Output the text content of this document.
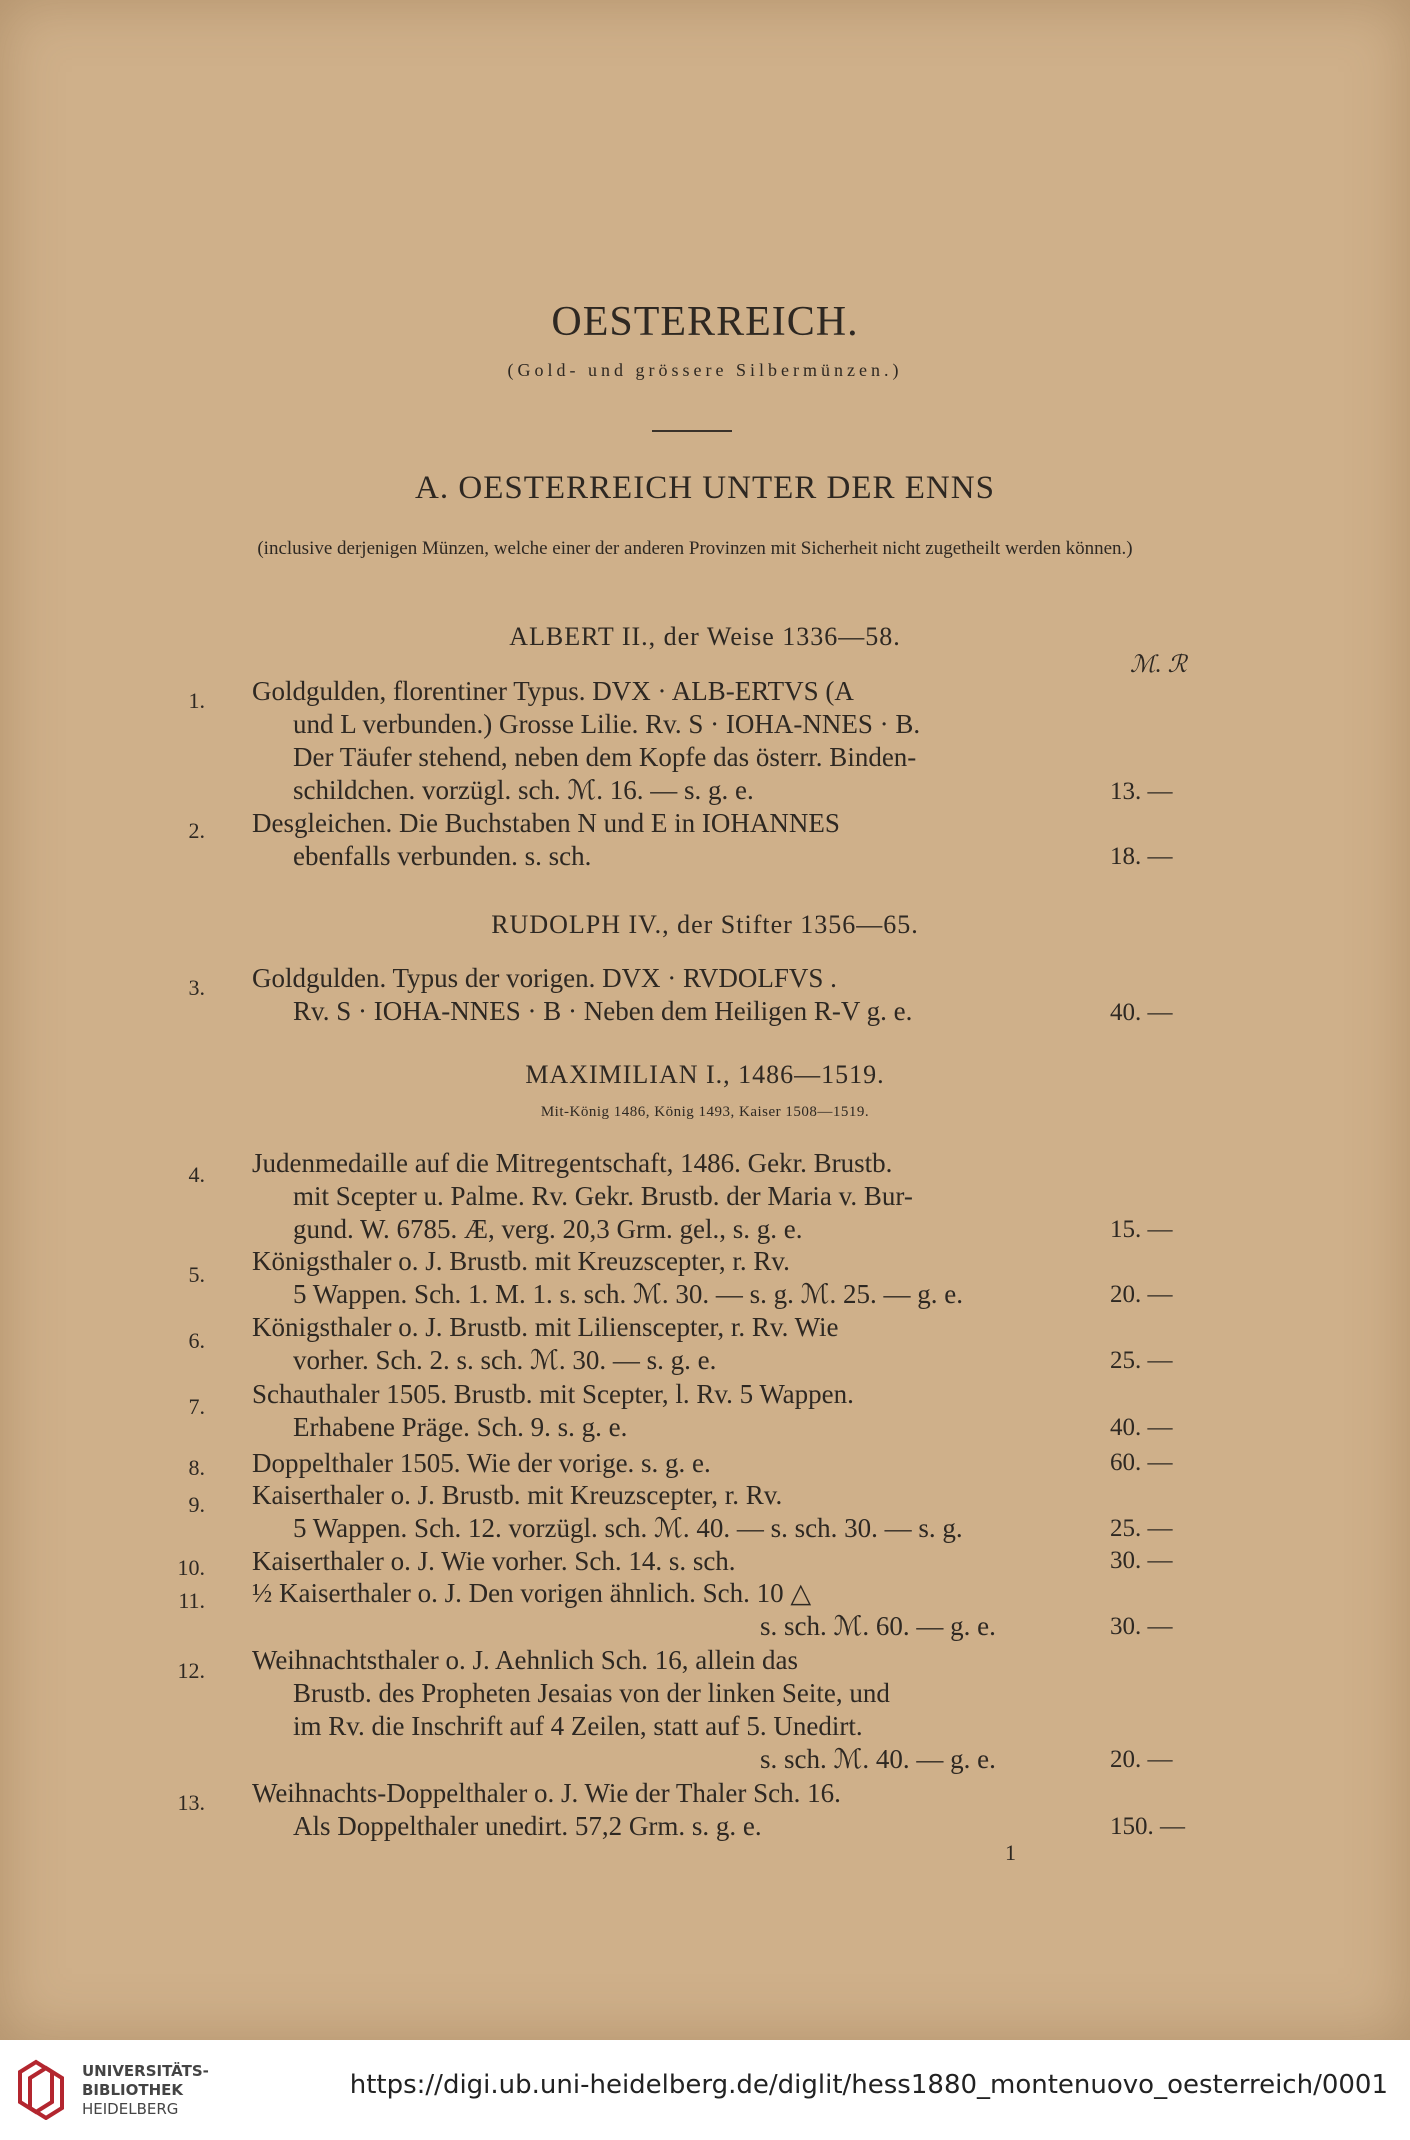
OESTERREICH.
(Gold- und grössere Silbermünzen.)
A. OESTERREICH UNTER DER ENNS
(inclusive derjenigen Münzen, welche einer der anderen Provinzen mit Sicherheit nicht zugetheilt werden können.)
ℳ. ℛ
ALBERT II., der Weise 1336—58.
1. Goldgulden, florentiner Typus. DVX · ALB-ERTVS (A
und L verbunden.) Grosse Lilie. Rv. S · IOHA-NNES · B.
Der Täufer stehend, neben dem Kopfe das österr. Binden-
schildchen. vorzügl. sch. ℳ. 16. — s. g. e.	13. —
2. Desgleichen. Die Buchstaben N und E in IOHANNES
ebenfalls verbunden. s. sch.	18. —
RUDOLPH IV., der Stifter 1356—65.
3. Goldgulden. Typus der vorigen. DVX · RVDOLFVS .
Rv. S · IOHA-NNES · B · Neben dem Heiligen R-V g. e.	40. —
MAXIMILIAN I., 1486—1519.
Mit-König 1486, König 1493, Kaiser 1508—1519.
4. Judenmedaille auf die Mitregentschaft, 1486. Gekr. Brustb.
mit Scepter u. Palme. Rv. Gekr. Brustb. der Maria v. Bur-
gund. W. 6785. Æ, verg. 20,3 Grm. gel., s. g. e.	15. —
5. Königsthaler o. J. Brustb. mit Kreuzscepter, r. Rv.
5 Wappen. Sch. 1. M. 1. s. sch. ℳ. 30. — s. g. ℳ. 25. — g. e.	20. —
6. Königsthaler o. J. Brustb. mit Lilienscepter, r. Rv. Wie
vorher. Sch. 2. s. sch. ℳ. 30. — s. g. e.	25. —
7. Schauthaler 1505. Brustb. mit Scepter, l. Rv. 5 Wappen.
Erhabene Präge. Sch. 9. s. g. e.	40. —
8. Doppelthaler 1505. Wie der vorige. s. g. e.	60. —
9. Kaiserthaler o. J. Brustb. mit Kreuzscepter, r. Rv.
5 Wappen. Sch. 12. vorzügl. sch. ℳ. 40. — s. sch. 30. — s. g.	25. —
10. Kaiserthaler o. J. Wie vorher. Sch. 14. s. sch.	30. —
11. ½ Kaiserthaler o. J. Den vorigen ähnlich. Sch. 10 △
s. sch. ℳ. 60. — g. e.	30. —
12. Weihnachtsthaler o. J. Aehnlich Sch. 16, allein das
Brustb. des Propheten Jesaias von der linken Seite, und
im Rv. die Inschrift auf 4 Zeilen, statt auf 5. Unedirt.
s. sch. ℳ. 40. — g. e.	20. —
13. Weihnachts-Doppelthaler o. J. Wie der Thaler Sch. 16.
Als Doppelthaler unedirt. 57,2 Grm. s. g. e.	150. —
1
UNIVERSITÄTS-
BIBLIOTHEK
HEIDELBERG
https://digi.ub.uni-heidelberg.de/diglit/hess1880_montenuovo_oesterreich/0001
